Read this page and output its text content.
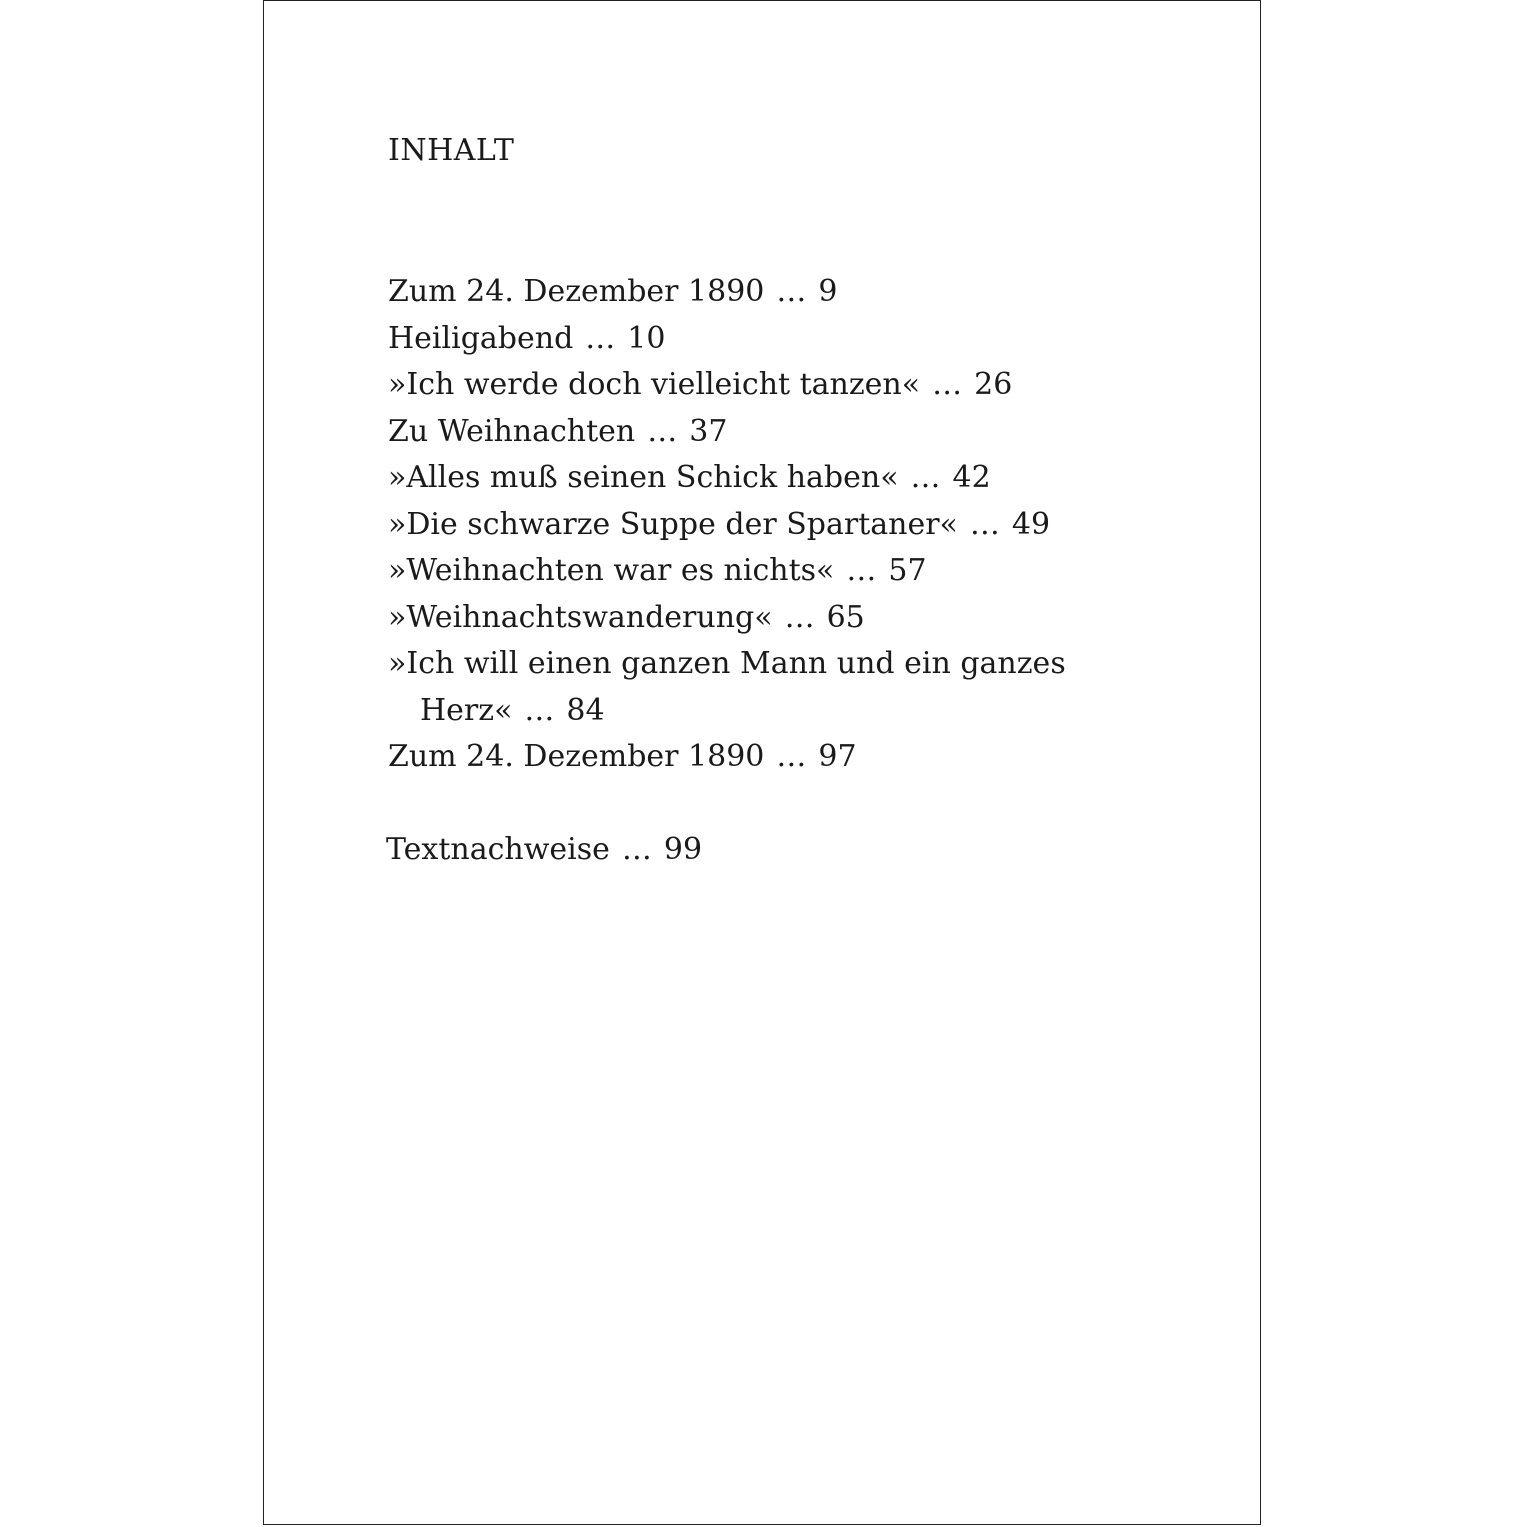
INHALT
Zum 24. Dezember 1890 … 9
Heiligabend … 10
»Ich werde doch vielleicht tanzen« … 26
Zu Weihnachten … 37
»Alles muß seinen Schick haben« … 42
»Die schwarze Suppe der Spartaner« … 49
»Weihnachten war es nichts« … 57
»Weihnachtswanderung« … 65
»Ich will einen ganzen Mann und ein ganzes
Herz« … 84
Zum 24. Dezember 1890 … 97
Textnachweise … 99
